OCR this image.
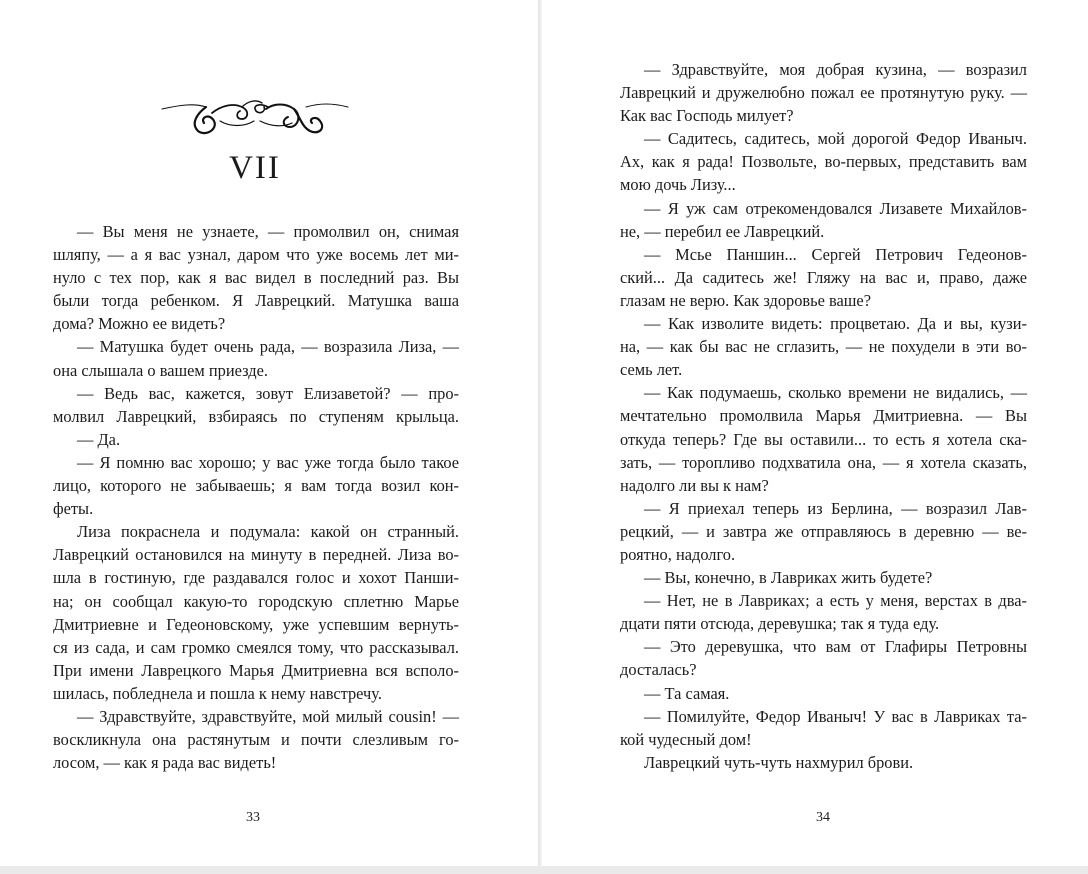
VII
— Вы меня не узнаете, — промолвил он, снимая
шляпу, — а я вас узнал, даром что уже восемь лет ми-
нуло с тех пор, как я вас видел в последний раз. Вы
были тогда ребенком. Я Лаврецкий. Матушка ваша
дома? Можно ее видеть?
— Матушка будет очень рада, — возразила Лиза, —
она слышала о вашем приезде.
— Ведь вас, кажется, зовут Елизаветой? — про-
молвил Лаврецкий, взбираясь по ступеням крыльца.
— Да.
— Я помню вас хорошо; у вас уже тогда было такое
лицо, которого не забываешь; я вам тогда возил кон-
феты.
Лиза покраснела и подумала: какой он странный.
Лаврецкий остановился на минуту в передней. Лиза во-
шла в гостиную, где раздавался голос и хохот Панши-
на; он сообщал какую-то городскую сплетню Марье
Дмитриевне и Гедеоновскому, уже успевшим вернуть-
ся из сада, и сам громко смеялся тому, что рассказывал.
При имени Лаврецкого Марья Дмитриевна вся всполо-
шилась, побледнела и пошла к нему навстречу.
— Здравствуйте, здравствуйте, мой милый cousin! —
воскликнула она растянутым и почти слезливым го-
лосом, — как я рада вас видеть!
33
— Здравствуйте, моя добрая кузина, — возразил
Лаврецкий и дружелюбно пожал ее протянутую руку. —
Как вас Господь милует?
— Садитесь, садитесь, мой дорогой Федор Иваныч.
Ах, как я рада! Позвольте, во-первых, представить вам
мою дочь Лизу...
— Я уж сам отрекомендовался Лизавете Михайлов-
не, — перебил ее Лаврецкий.
— Мсье Паншин... Сергей Петрович Гедеонов-
ский... Да садитесь же! Гляжу на вас и, право, даже
глазам не верю. Как здоровье ваше?
— Как изволите видеть: процветаю. Да и вы, кузи-
на, — как бы вас не сглазить, — не похудели в эти во-
семь лет.
— Как подумаешь, сколько времени не видались, —
мечтательно промолвила Марья Дмитриевна. — Вы
откуда теперь? Где вы оставили... то есть я хотела ска-
зать, — торопливо подхватила она, — я хотела сказать,
надолго ли вы к нам?
— Я приехал теперь из Берлина, — возразил Лав-
рецкий, — и завтра же отправляюсь в деревню — ве-
роятно, надолго.
— Вы, конечно, в Лавриках жить будете?
— Нет, не в Лавриках; а есть у меня, верстах в два-
дцати пяти отсюда, деревушка; так я туда еду.
— Это деревушка, что вам от Глафиры Петровны
досталась?
— Та самая.
— Помилуйте, Федор Иваныч! У вас в Лавриках та-
кой чудесный дом!
Лаврецкий чуть-чуть нахмурил брови.
34
